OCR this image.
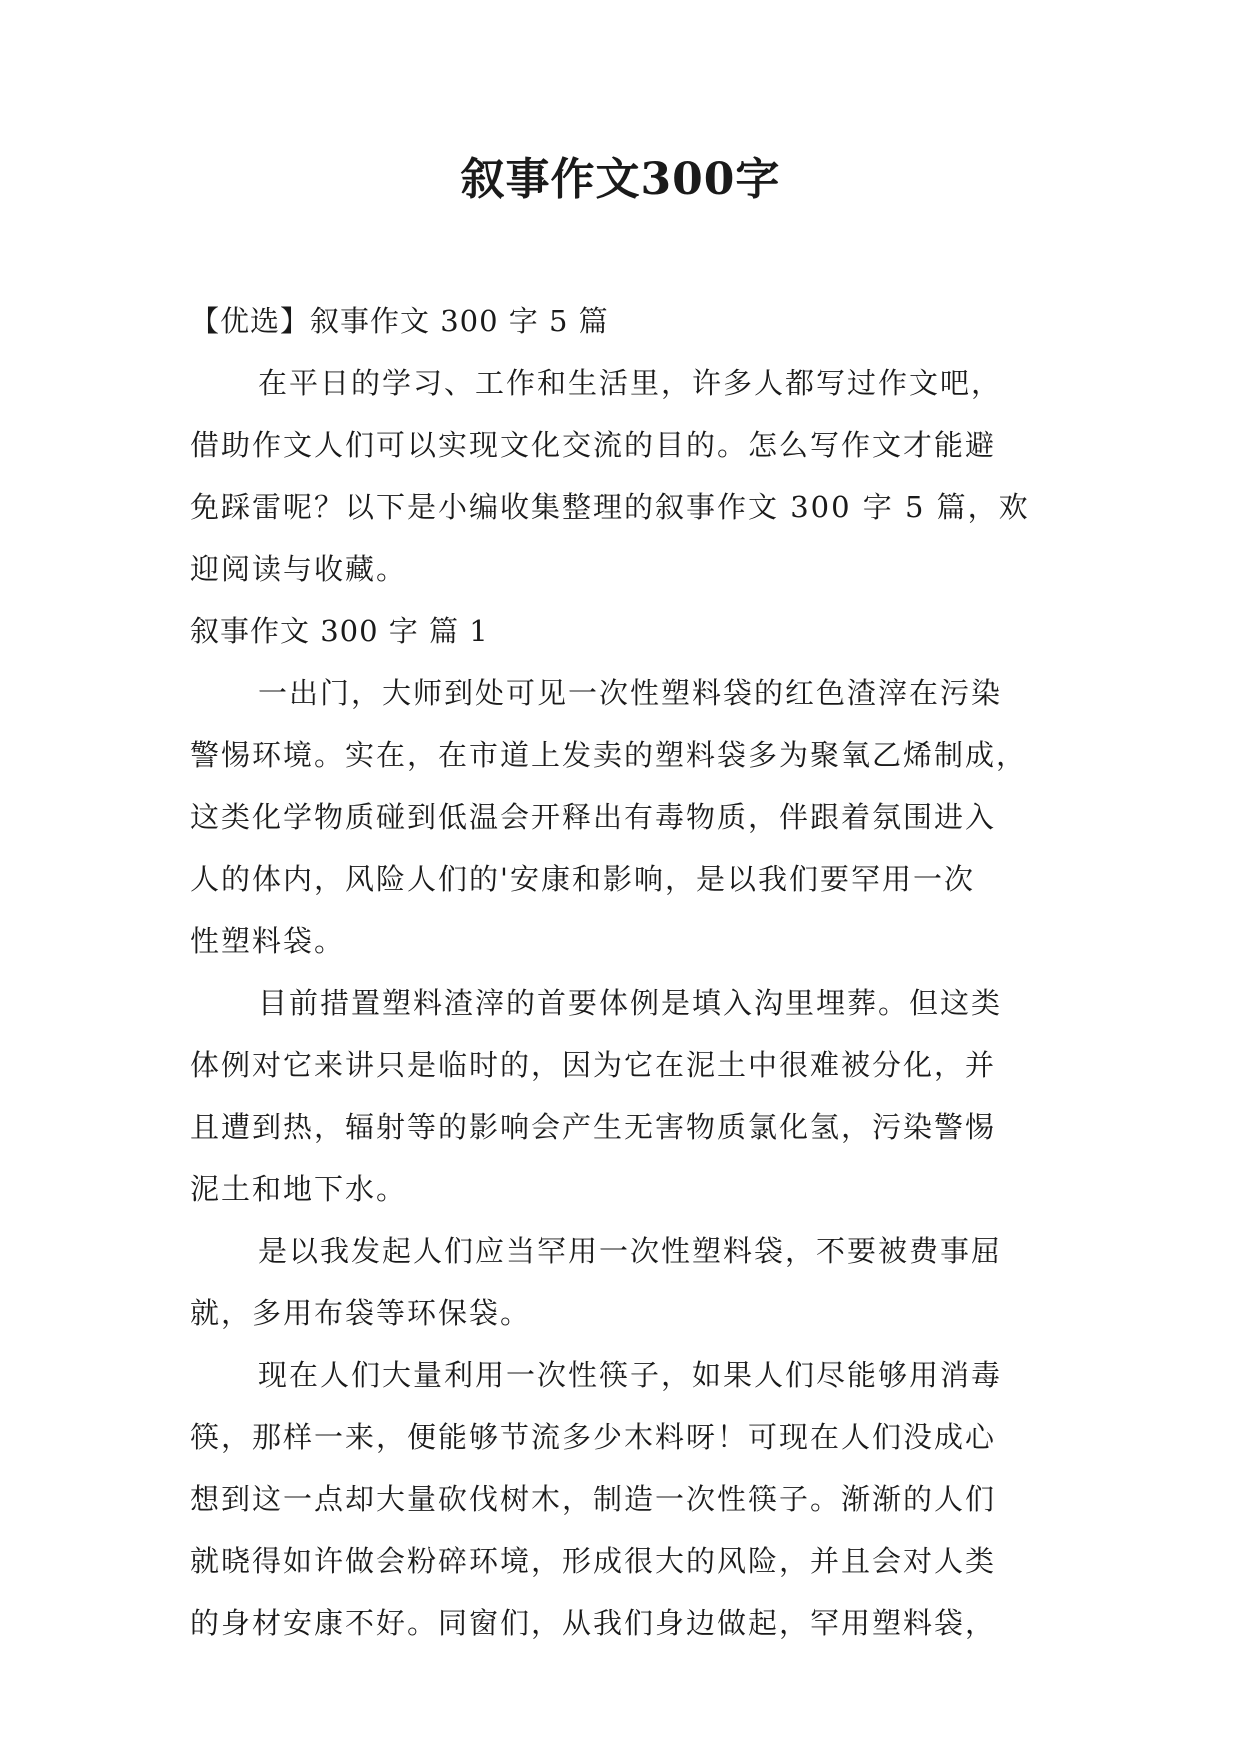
叙事作文300字

【优选】叙事作文 300 字 5 篇

在平日的学习、工作和生活里，许多人都写过作文吧，

借助作文人们可以实现文化交流的目的。怎么写作文才能避

免踩雷呢？以下是小编收集整理的叙事作文 300 字 5 篇，欢

迎阅读与收藏。

叙事作文 300 字 篇 1

一出门，大师到处可见一次性塑料袋的红色渣滓在污染

警惕环境。实在，在市道上发卖的塑料袋多为聚氧乙烯制成，

这类化学物质碰到低温会开释出有毒物质，伴跟着氛围进入

人的体内，风险人们的'安康和影响，是以我们要罕用一次

性塑料袋。

目前措置塑料渣滓的首要体例是填入沟里埋葬。但这类

体例对它来讲只是临时的，因为它在泥土中很难被分化，并

且遭到热，辐射等的影响会产生无害物质氯化氢，污染警惕

泥土和地下水。

是以我发起人们应当罕用一次性塑料袋，不要被费事屈

就，多用布袋等环保袋。

现在人们大量利用一次性筷子，如果人们尽能够用消毒

筷，那样一来，便能够节流多少木料呀！可现在人们没成心

想到这一点却大量砍伐树木，制造一次性筷子。渐渐的人们

就晓得如许做会粉碎环境，形成很大的风险，并且会对人类

的身材安康不好。同窗们，从我们身边做起，罕用塑料袋，
